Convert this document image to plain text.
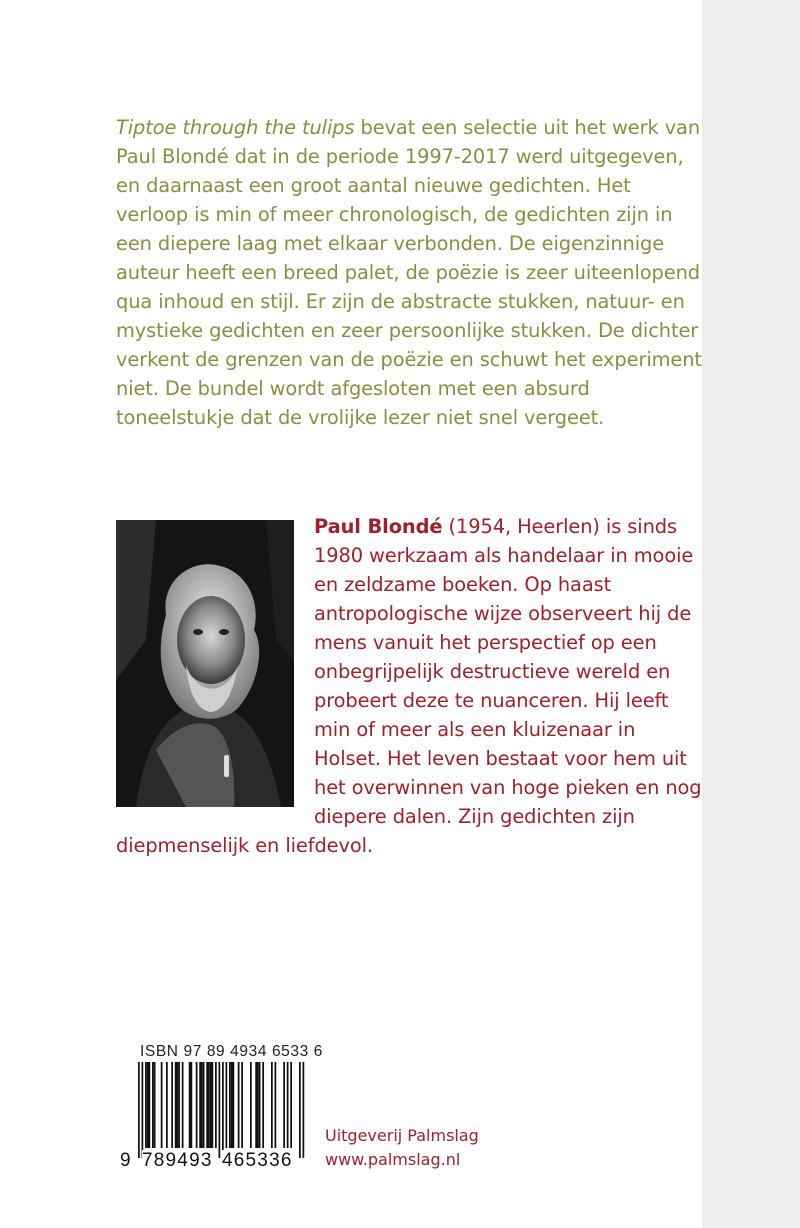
Tiptoe through the tulips bevat een selectie uit het werk van Paul Blondé dat in de periode 1997-2017 werd uitgegeven, en daarnaast een groot aantal nieuwe gedichten. Het verloop is min of meer chronologisch, de gedichten zijn in een diepere laag met elkaar verbonden. De eigenzinnige auteur heeft een breed palet, de poëzie is zeer uiteenlopend qua inhoud en stijl. Er zijn de abstracte stukken, natuur- en mystieke gedichten en zeer persoonlijke stukken. De dichter verkent de grenzen van de poëzie en schuwt het experiment niet. De bundel wordt afgesloten met een absurd toneelstukje dat de vrolijke lezer niet snel vergeet.

Paul Blondé (1954, Heerlen) is sinds 1980 werkzaam als handelaar in mooie en zeldzame boeken. Op haast antropologische wijze observeert hij de mens vanuit het perspectief op een onbegrijpelijk destructieve wereld en probeert deze te nuanceren. Hij leeft min of meer als een kluizenaar in Holset. Het leven bestaat voor hem uit het overwinnen van hoge pieken en nog diepere dalen. Zijn gedichten zijn diepmenselijk en liefdevol.

ISBN 97 89 4934 6533 6
9 789493 465336
Uitgeverij Palmslag
www.palmslag.nl
